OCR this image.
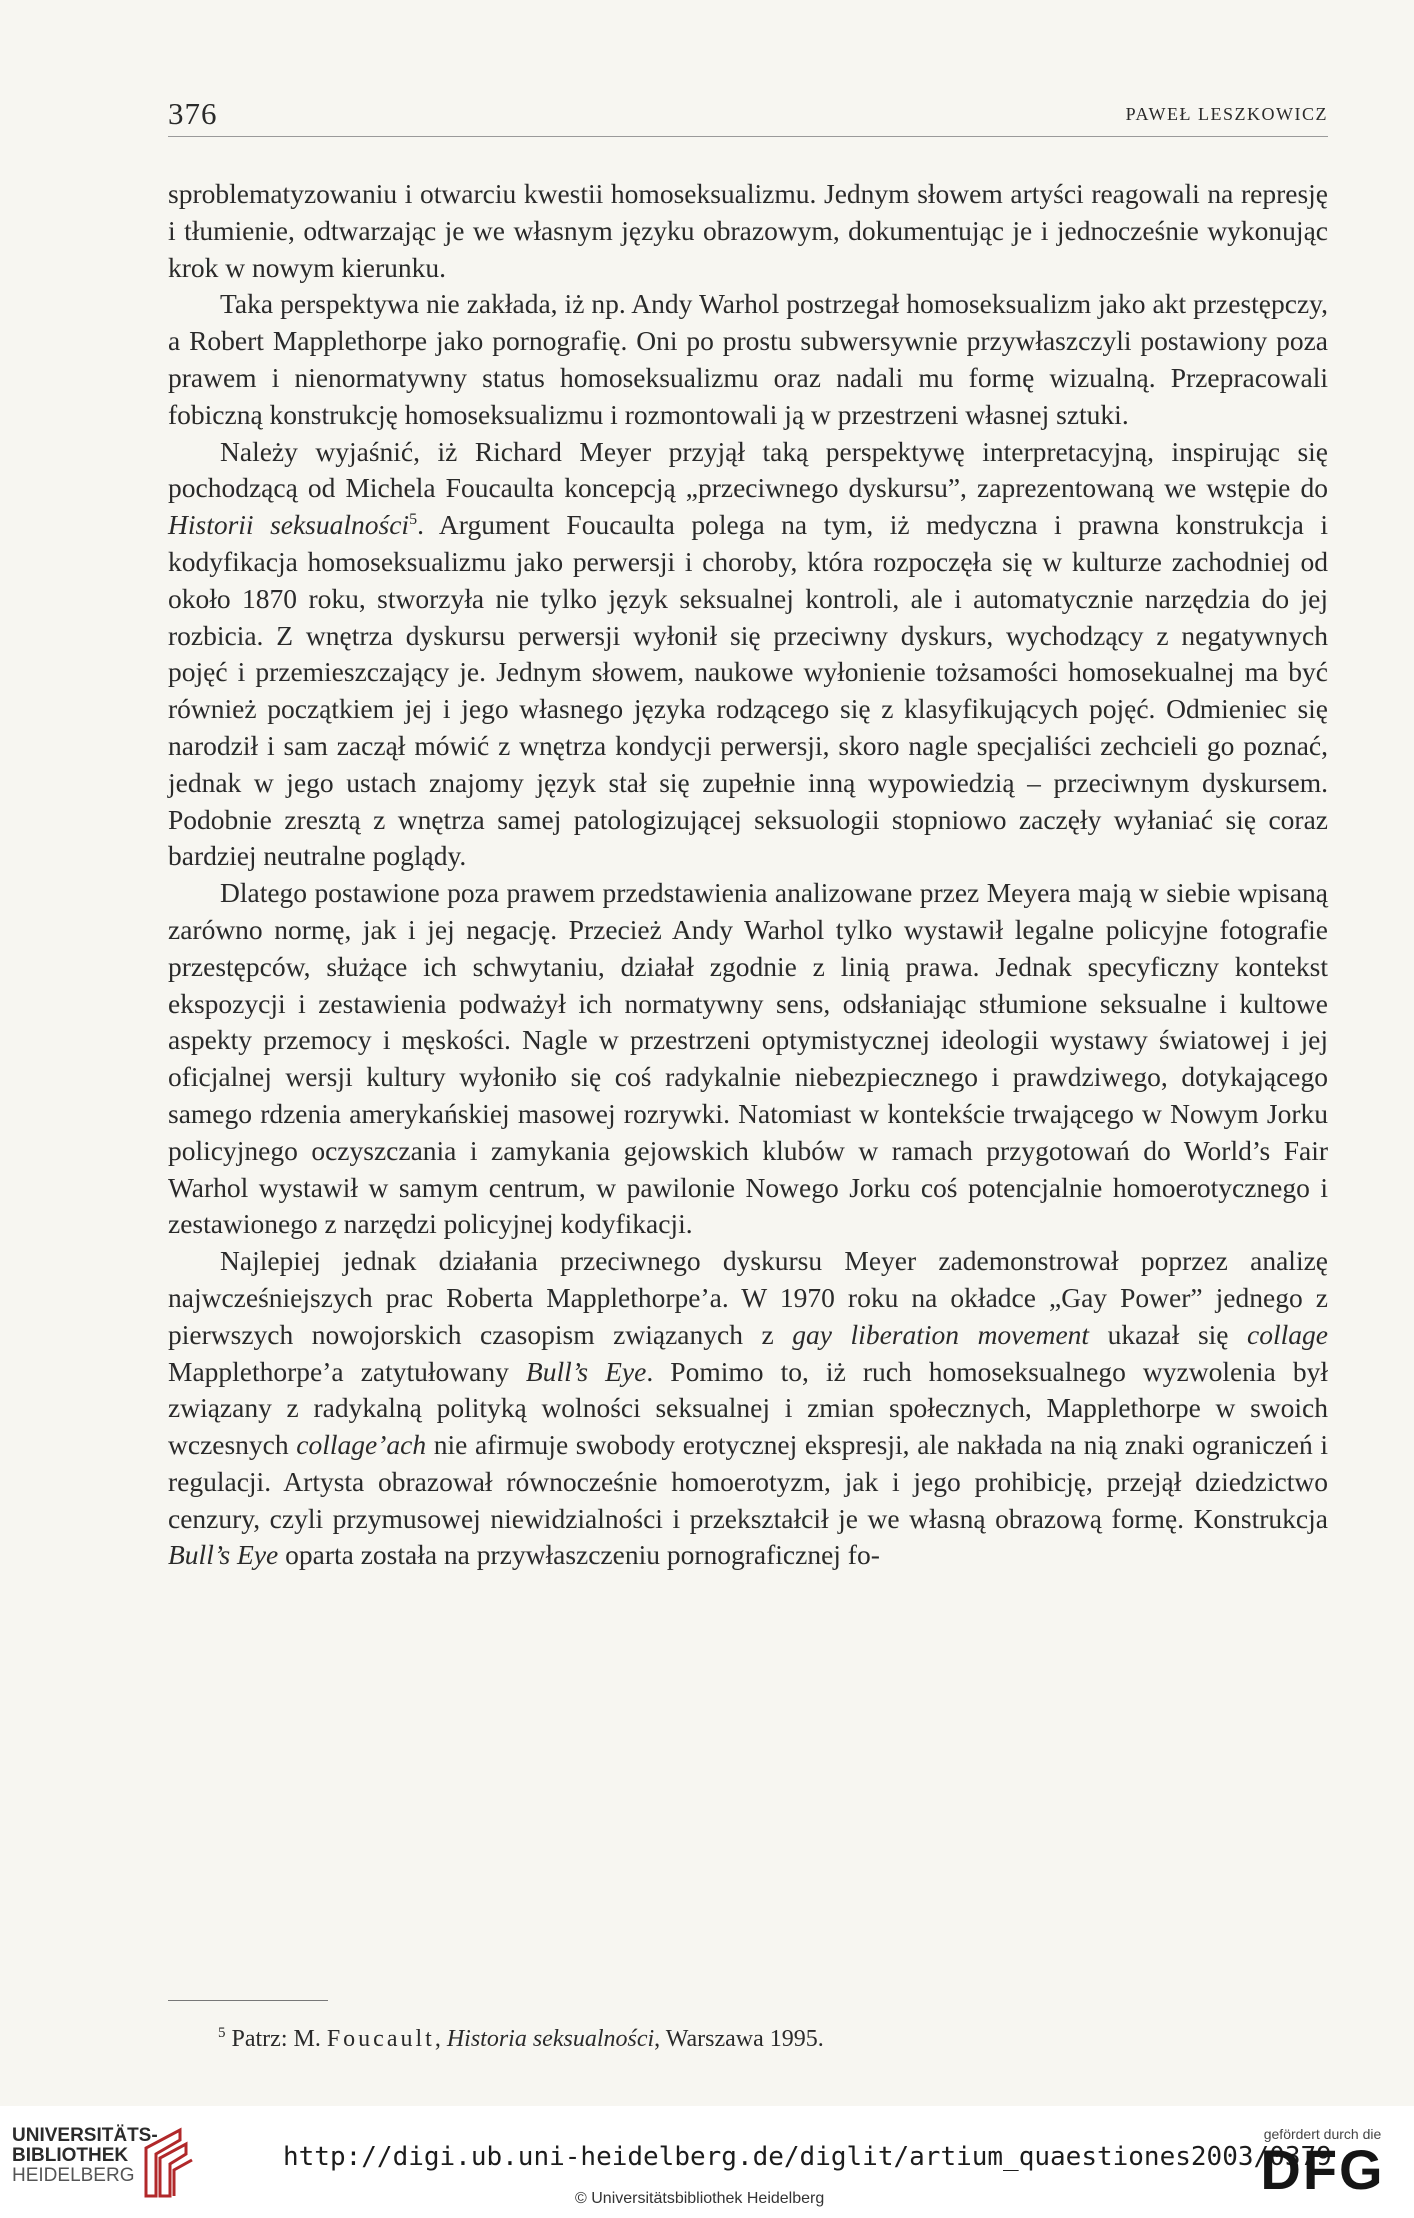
376	PAWEŁ LESZKOWICZ

sproblematyzowaniu i otwarciu kwestii homoseksualizmu. Jednym słowem artyści reagowali na represję i tłumienie, odtwarzając je we własnym języku obrazowym, dokumentując je i jednocześnie wykonując krok w nowym kierunku.

Taka perspektywa nie zakłada, iż np. Andy Warhol postrzegał homoseksualizm jako akt przestępczy, a Robert Mapplethorpe jako pornografię. Oni po prostu subwersywnie przywłaszczyli postawiony poza prawem i nienormatywny status homoseksualizmu oraz nadali mu formę wizualną. Przepracowali fobiczną konstrukcję homoseksualizmu i rozmontowali ją w przestrzeni własnej sztuki.

Należy wyjaśnić, iż Richard Meyer przyjął taką perspektywę interpretacyjną, inspirując się pochodzącą od Michela Foucaulta koncepcją „przeciwnego dyskursu”, zaprezentowaną we wstępie do Historii seksualności$^5$. Argument Foucaulta polega na tym, iż medyczna i prawna konstrukcja i kodyfikacja homoseksualizmu jako perwersji i choroby, która rozpoczęła się w kulturze zachodniej od około 1870 roku, stworzyła nie tylko język seksualnej kontroli, ale i automatycznie narzędzia do jej rozbicia. Z wnętrza dyskursu perwersji wyłonił się przeciwny dyskurs, wychodzący z negatywnych pojęć i przemieszczający je. Jednym słowem, naukowe wyłonienie tożsamości homosekualnej ma być również początkiem jej i jego własnego języka rodzącego się z klasyfikujących pojęć. Odmieniec się narodził i sam zaczął mówić z wnętrza kondycji perwersji, skoro nagle specjaliści zechcieli go poznać, jednak w jego ustach znajomy język stał się zupełnie inną wypowiedzią – przeciwnym dyskursem. Podobnie zresztą z wnętrza samej patologizującej seksuologii stopniowo zaczęły wyłaniać się coraz bardziej neutralne poglądy.

Dlatego postawione poza prawem przedstawienia analizowane przez Meyera mają w siebie wpisaną zarówno normę, jak i jej negację. Przecież Andy Warhol tylko wystawił legalne policyjne fotografie przestępców, służące ich schwytaniu, działał zgodnie z linią prawa. Jednak specyficzny kontekst ekspozycji i zestawienia podważył ich normatywny sens, odsłaniając stłumione seksualne i kultowe aspekty przemocy i męskości. Nagle w przestrzeni optymistycznej ideologii wystawy światowej i jej oficjalnej wersji kultury wyłoniło się coś radykalnie niebezpiecznego i prawdziwego, dotykającego samego rdzenia amerykańskiej masowej rozrywki. Natomiast w kontekście trwającego w Nowym Jorku policyjnego oczyszczania i zamykania gejowskich klubów w ramach przygotowań do World’s Fair Warhol wystawił w samym centrum, w pawilonie Nowego Jorku coś potencjalnie homoerotycznego i zestawionego z narzędzi policyjnej kodyfikacji.

Najlepiej jednak działania przeciwnego dyskursu Meyer zademonstrował poprzez analizę najwcześniejszych prac Roberta Mapplethorpe’a. W 1970 roku na okładce „Gay Power” jednego z pierwszych nowojorskich czasopism związanych z gay liberation movement ukazał się collage Mapplethorpe’a zatytułowany Bull’s Eye. Pomimo to, iż ruch homoseksualnego wyzwolenia był związany z radykalną polityką wolności seksualnej i zmian społecznych, Mapplethorpe w swoich wczesnych collage’ach nie afirmuje swobody erotycznej ekspresji, ale nakłada na nią znaki ograniczeń i regulacji. Artysta obrazował równocześnie homoerotyzm, jak i jego prohibicję, przejął dziedzictwo cenzury, czyli przymusowej niewidzialności i przekształcił je we własną obrazową formę. Konstrukcja Bull’s Eye oparta została na przywłaszczeniu pornograficznej fo-

$^5$ Patrz: M. Foucault, Historia seksualności, Warszawa 1995.
UNIVERSITÄTS-
BIBLIOTHEK
HEIDELBERG
http://digi.ub.uni-heidelberg.de/diglit/artium_quaestiones2003/0379
© Universitätsbibliothek Heidelberg
gefördert durch die
DFG
